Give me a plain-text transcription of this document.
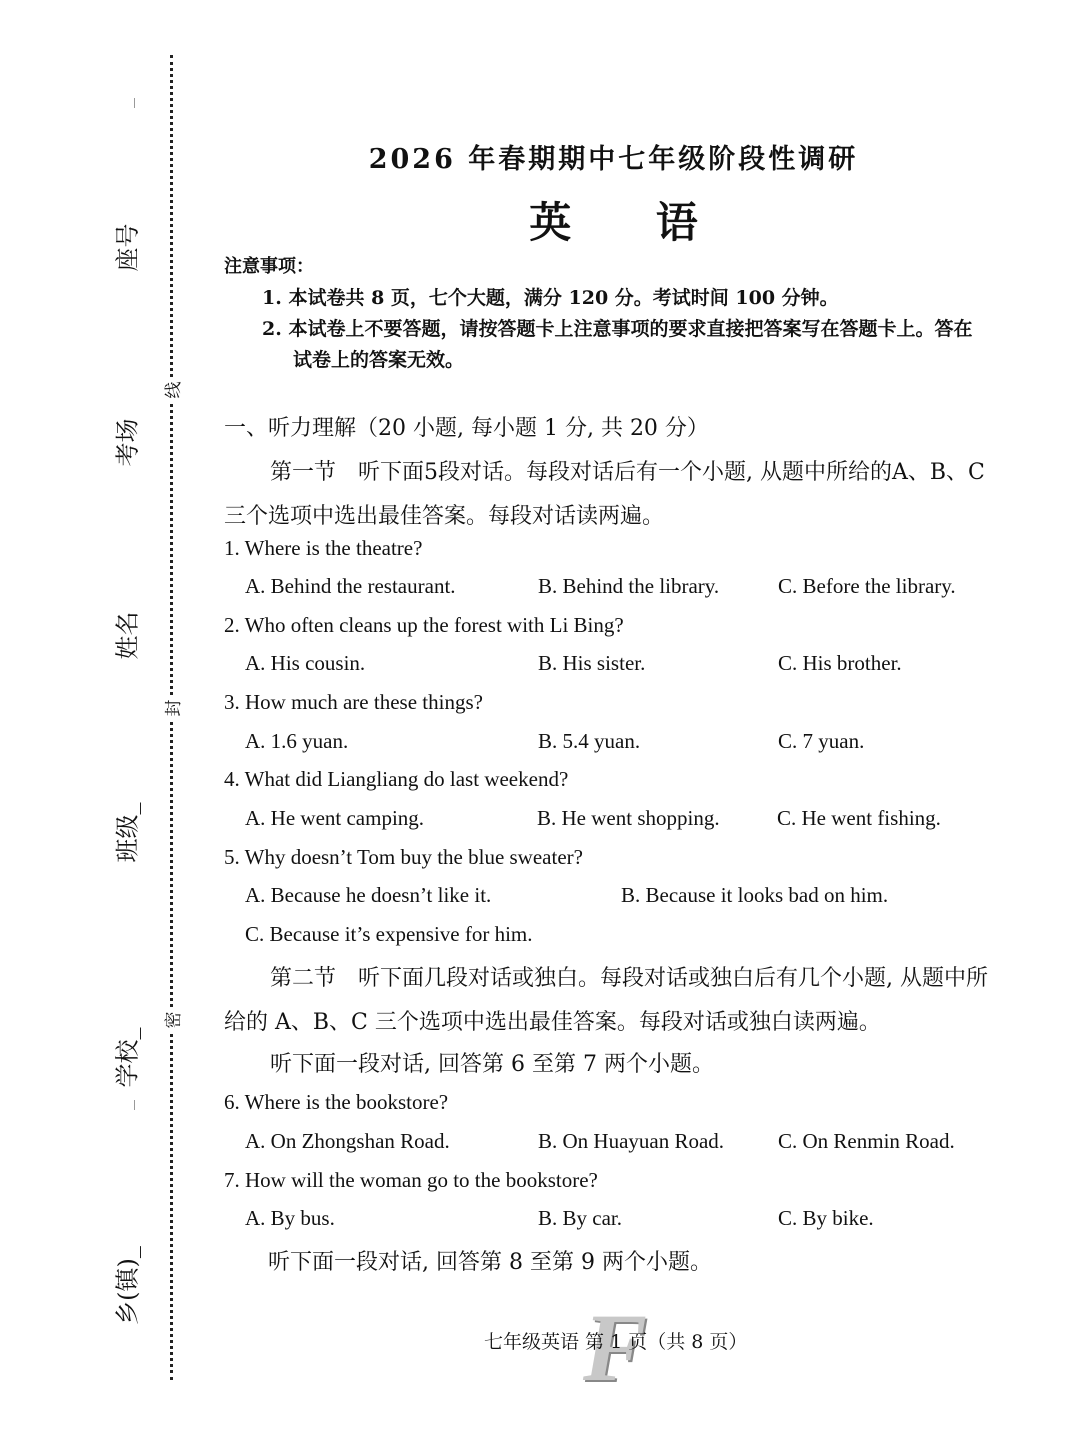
座号
考场
姓名
班级_
学校_
乡(镇)_
线
封
密
2026 年春期期中七年级阶段性调研
英 语
注意事项：
1. 本试卷共 8 页，七个大题，满分 120 分。考试时间 100 分钟。
2. 本试卷上不要答题，请按答题卡上注意事项的要求直接把答案写在答题卡上。答在
试卷上的答案无效。
一、听力理解（20 小题, 每小题 1 分, 共 20 分）
第一节　听下面5段对话。每段对话后有一个小题, 从题中所给的A、B、C
三个选项中选出最佳答案。每段对话读两遍。
1. Where is the theatre?
A. Behind the restaurant.	B. Behind the library.	C. Before the library.
2. Who often cleans up the forest with Li Bing?
A. His cousin.	B. His sister.	C. His brother.
3. How much are these things?
A. 1.6 yuan.	B. 5.4 yuan.	C. 7 yuan.
4. What did Liangliang do last weekend?
A. He went camping.	B. He went shopping.	C. He went fishing.
5. Why doesn’t Tom buy the blue sweater?
A. Because he doesn’t like it.	B. Because it looks bad on him.
C. Because it’s expensive for him.
第二节　听下面几段对话或独白。每段对话或独白后有几个小题, 从题中所
给的 A、B、C 三个选项中选出最佳答案。每段对话或独白读两遍。
听下面一段对话, 回答第 6 至第 7 两个小题。
6. Where is the bookstore?
A. On Zhongshan Road.	B. On Huayuan Road.	C. On Renmin Road.
7. How will the woman go to the bookstore?
A. By bus.	B. By car.	C. By bike.
听下面一段对话, 回答第 8 至第 9 两个小题。
F
七年级英语 第 1 页（共 8 页）
